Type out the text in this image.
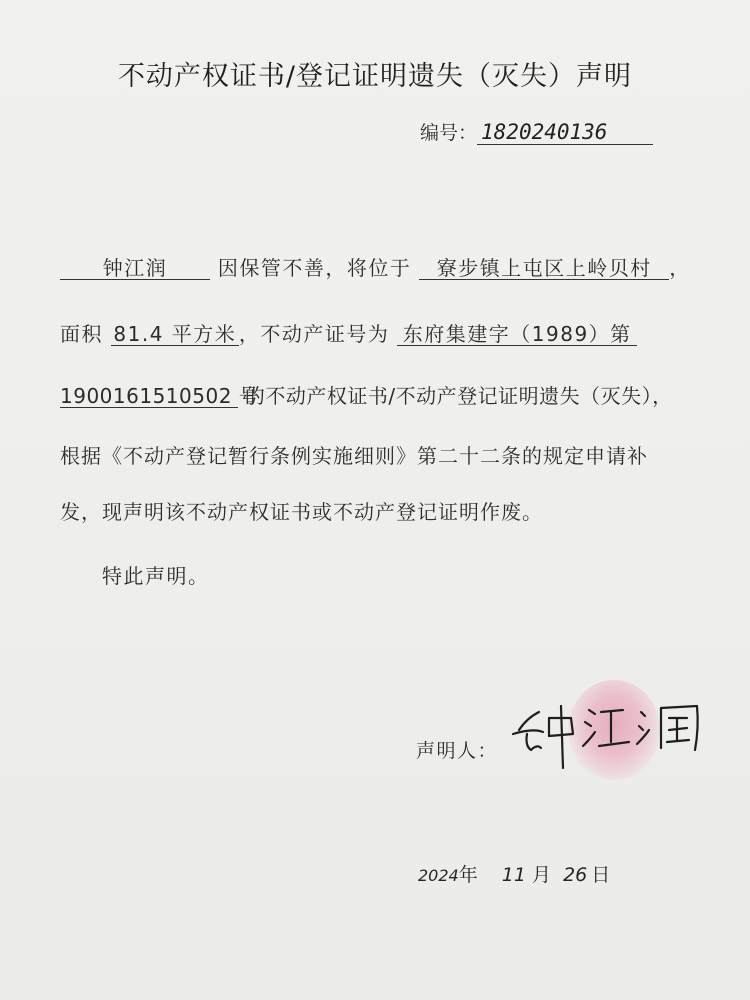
不动产权证书/登记证明遗失（灭失）声明
编号： 1820240136
钟江润	因保管不善，将位于 寮步镇上屯区上岭贝村 ，
面积 81.4 平方米 ，不动产证号为 东府集建字（1989）第
1900161510502 号 的不动产权证书/不动产登记证明遗失（灭失），
根据《不动产登记暂行条例实施细则》第二十二条的规定申请补
发，现声明该不动产权证书或不动产登记证明作废。
特此声明。
声明人：
2024年 11 月 26 日
